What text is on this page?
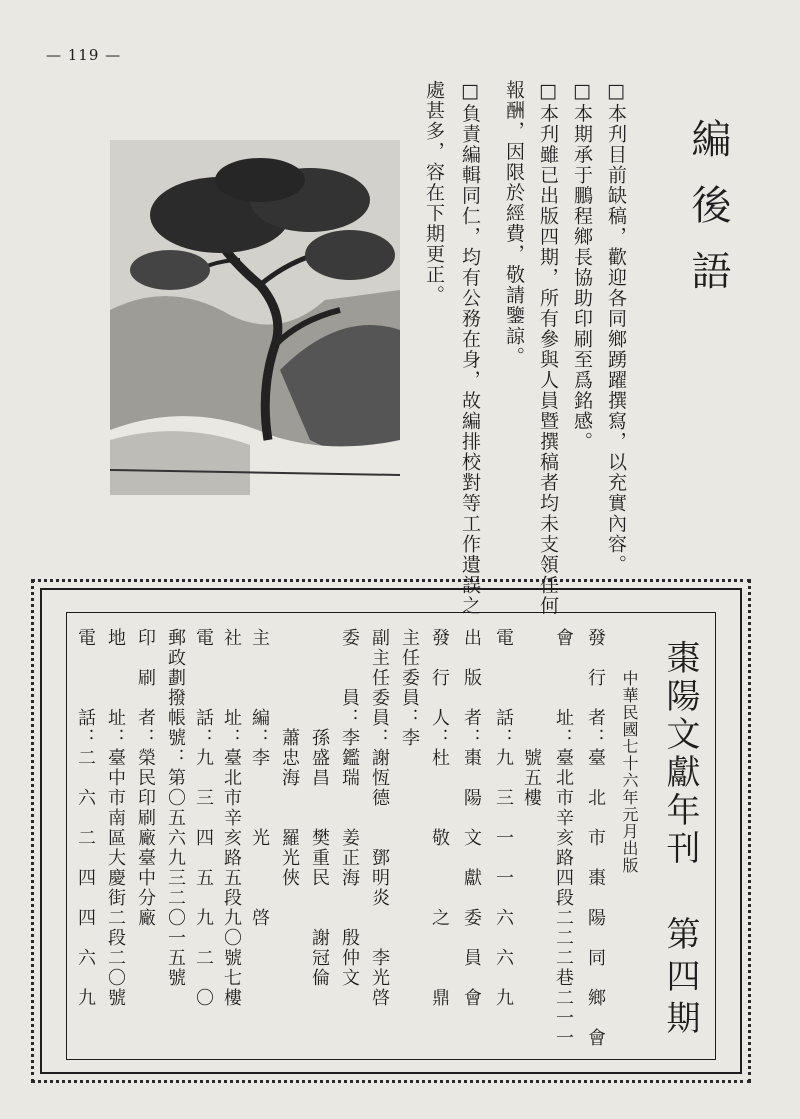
— 119 —
編後語
□本刋目前缺稿，歡迎各同鄉踴躍撰寫，以充實內容。
□本期承于鵬程鄉長協助印刷至爲銘感。
□本刋雖已出版四期，所有參與人員暨撰稿者均未支領任何
報酬，因限於經費，敬請鑒諒。
□負責編輯同仁，均有公務在身，故編排校對等工作遺誤之
處甚多，容在下期更正。
棗陽文獻年刊
第四期
中華民國七十六年元月出版
發　行　者：臺　北　市　棗　陽　同　鄉　會
會　　　址：臺北市辛亥路四段二二二巷二一一
　　　　　　號五樓
電　　　話：九　三　一　一　六　六　九
出　版　者：棗　陽　文　獻　委　員　會
發　行　人：杜　　　敬　　　之　　　鼎
主任委員：李
副主任委員：謝恆德　　鄧明炎　　李光啓
委　　員：李鑑瑞　　姜正海　　殷仲文
　　　　　孫盛昌　　樊重民　　謝冠倫
　　　　　蕭忠海　　羅光俠
主　　　編：李　　　光　　　啓
社　　　址：臺北市辛亥路五段九〇號七樓
電　　　話：九　三　四　五　九　二　〇
郵政劃撥帳號：第〇五六九三二〇一五號
印　刷　者：榮民印刷廠臺中分廠
地　　　址：臺中市南區大慶街二段二〇號
電　　　話：二　六　二　四　四　六　九
